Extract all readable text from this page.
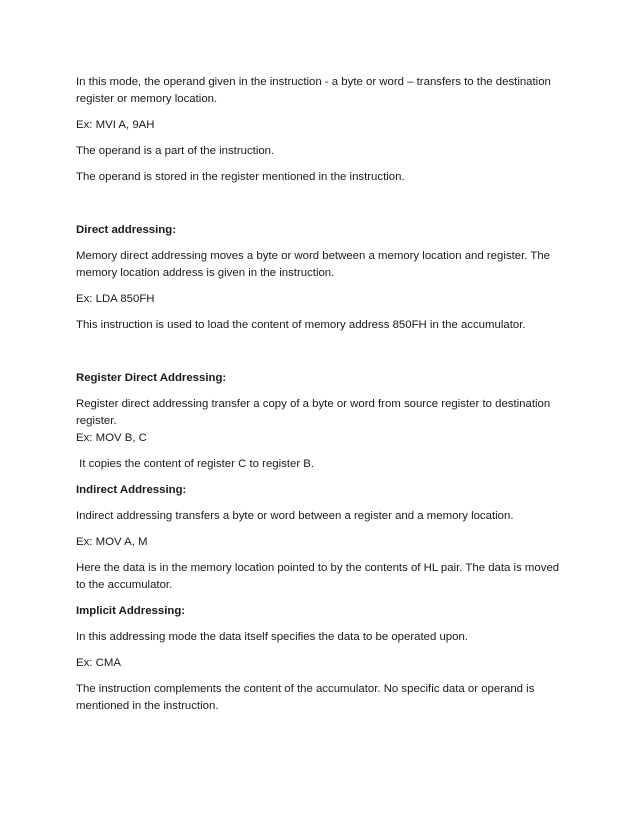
In this mode, the operand given in the instruction - a byte or word – transfers to the destination register or memory location.

Ex: MVI A, 9AH

The operand is a part of the instruction.

The operand is stored in the register mentioned in the instruction.

Direct addressing:

Memory direct addressing moves a byte or word between a memory location and register. The memory location address is given in the instruction.

Ex: LDA 850FH

This instruction is used to load the content of memory address 850FH in the accumulator.

Register Direct Addressing:

Register direct addressing transfer a copy of a byte or word from source register to destination register.

Ex: MOV B, C

It copies the content of register C to register B.

Indirect Addressing:

Indirect addressing transfers a byte or word between a register and a memory location.

Ex: MOV A, M

Here the data is in the memory location pointed to by the contents of HL pair. The data is moved to the accumulator.

Implicit Addressing:

In this addressing mode the data itself specifies the data to be operated upon.

Ex: CMA

The instruction complements the content of the accumulator. No specific data or operand is mentioned in the instruction.
